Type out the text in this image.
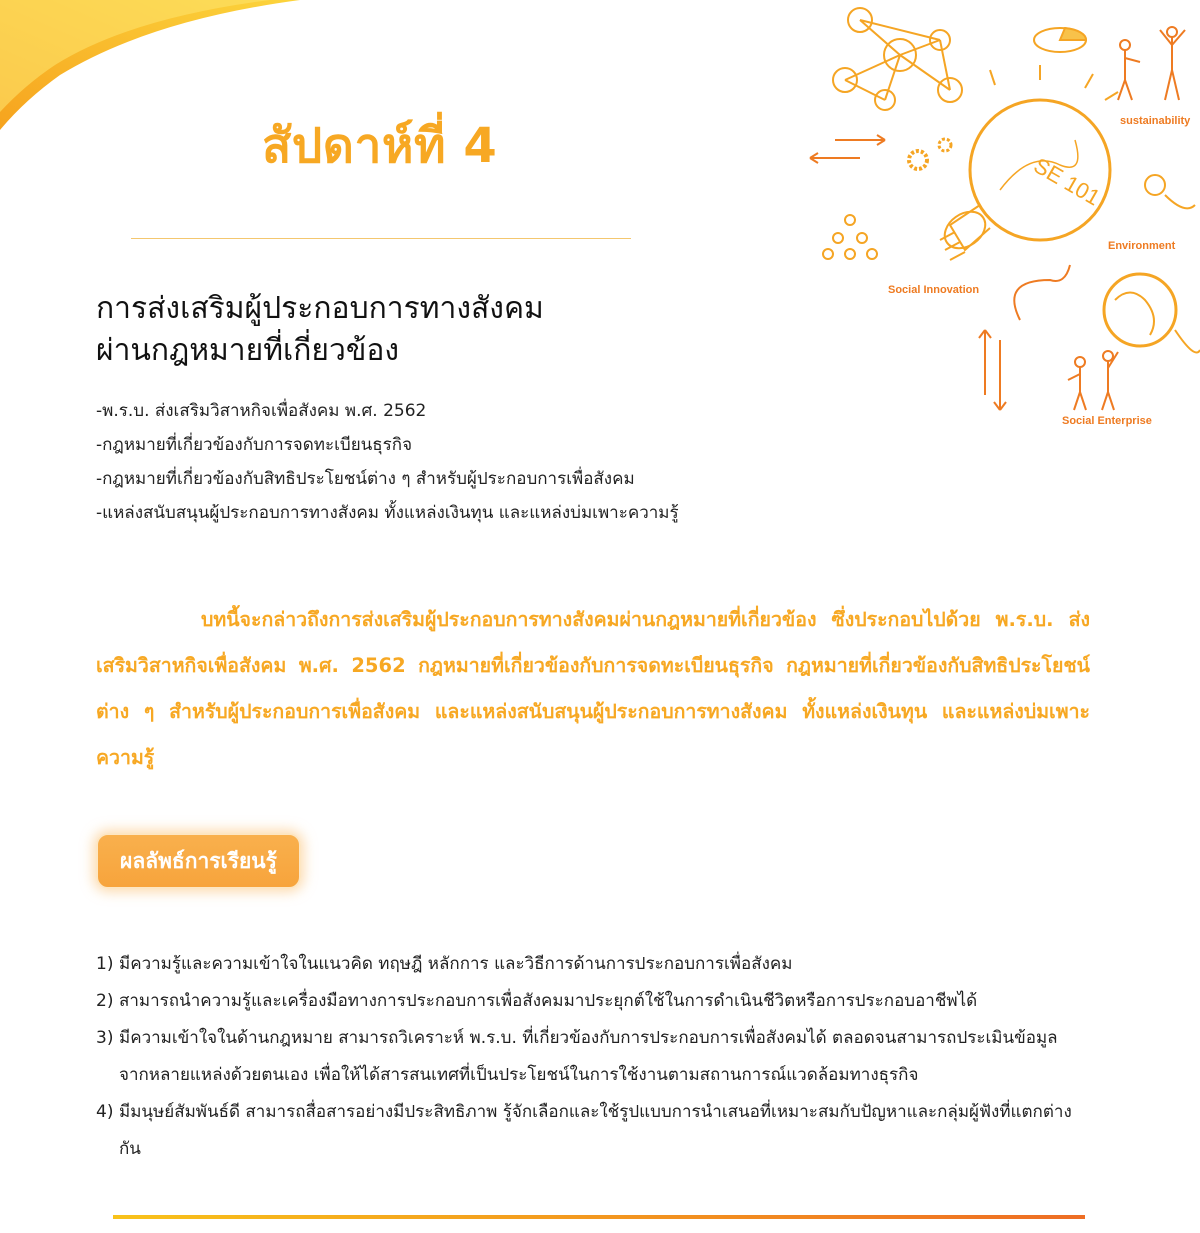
สัปดาห์ที่ 4
SE 101
sustainability
Environment
Social Innovation
Social Enterprise
การส่งเสริมผู้ประกอบการทางสังคม
ผ่านกฎหมายที่เกี่ยวข้อง
-พ.ร.บ. ส่งเสริมวิสาหกิจเพื่อสังคม พ.ศ. 2562
-กฎหมายที่เกี่ยวข้องกับการจดทะเบียนธุรกิจ
-กฎหมายที่เกี่ยวข้องกับสิทธิประโยชน์ต่าง ๆ สำหรับผู้ประกอบการเพื่อสังคม
-แหล่งสนับสนุนผู้ประกอบการทางสังคม ทั้งแหล่งเงินทุน และแหล่งบ่มเพาะความรู้

บทนี้จะกล่าวถึงการส่งเสริมผู้ประกอบการทางสังคมผ่านกฎหมายที่เกี่ยวข้อง ซึ่งประกอบไปด้วย พ.ร.บ. ส่งเสริมวิสาหกิจเพื่อสังคม พ.ศ. 2562 กฎหมายที่เกี่ยวข้องกับการจดทะเบียนธุรกิจ กฎหมายที่เกี่ยวข้องกับสิทธิประโยชน์ต่าง ๆ สำหรับผู้ประกอบการเพื่อสังคม และแหล่งสนับสนุนผู้ประกอบการทางสังคม ทั้งแหล่งเงินทุน และแหล่งบ่มเพาะความรู้

ผลลัพธ์การเรียนรู้
1) มีความรู้และความเข้าใจในแนวคิด ทฤษฎี หลักการ และวิธีการด้านการประกอบการเพื่อสังคม
2) สามารถนำความรู้และเครื่องมือทางการประกอบการเพื่อสังคมมาประยุกต์ใช้ในการดำเนินชีวิตหรือการประกอบอาชีพได้
3) มีความเข้าใจในด้านกฎหมาย สามารถวิเคราะห์ พ.ร.บ. ที่เกี่ยวข้องกับการประกอบการเพื่อสังคมได้ ตลอดจนสามารถประเมินข้อมูลจากหลายแหล่งด้วยตนเอง เพื่อให้ได้สารสนเทศที่เป็นประโยชน์ในการใช้งานตามสถานการณ์แวดล้อมทางธุรกิจ
4) มีมนุษย์สัมพันธ์ดี สามารถสื่อสารอย่างมีประสิทธิภาพ รู้จักเลือกและใช้รูปแบบการนำเสนอที่เหมาะสมกับปัญหาและกลุ่มผู้ฟังที่แตกต่างกัน
